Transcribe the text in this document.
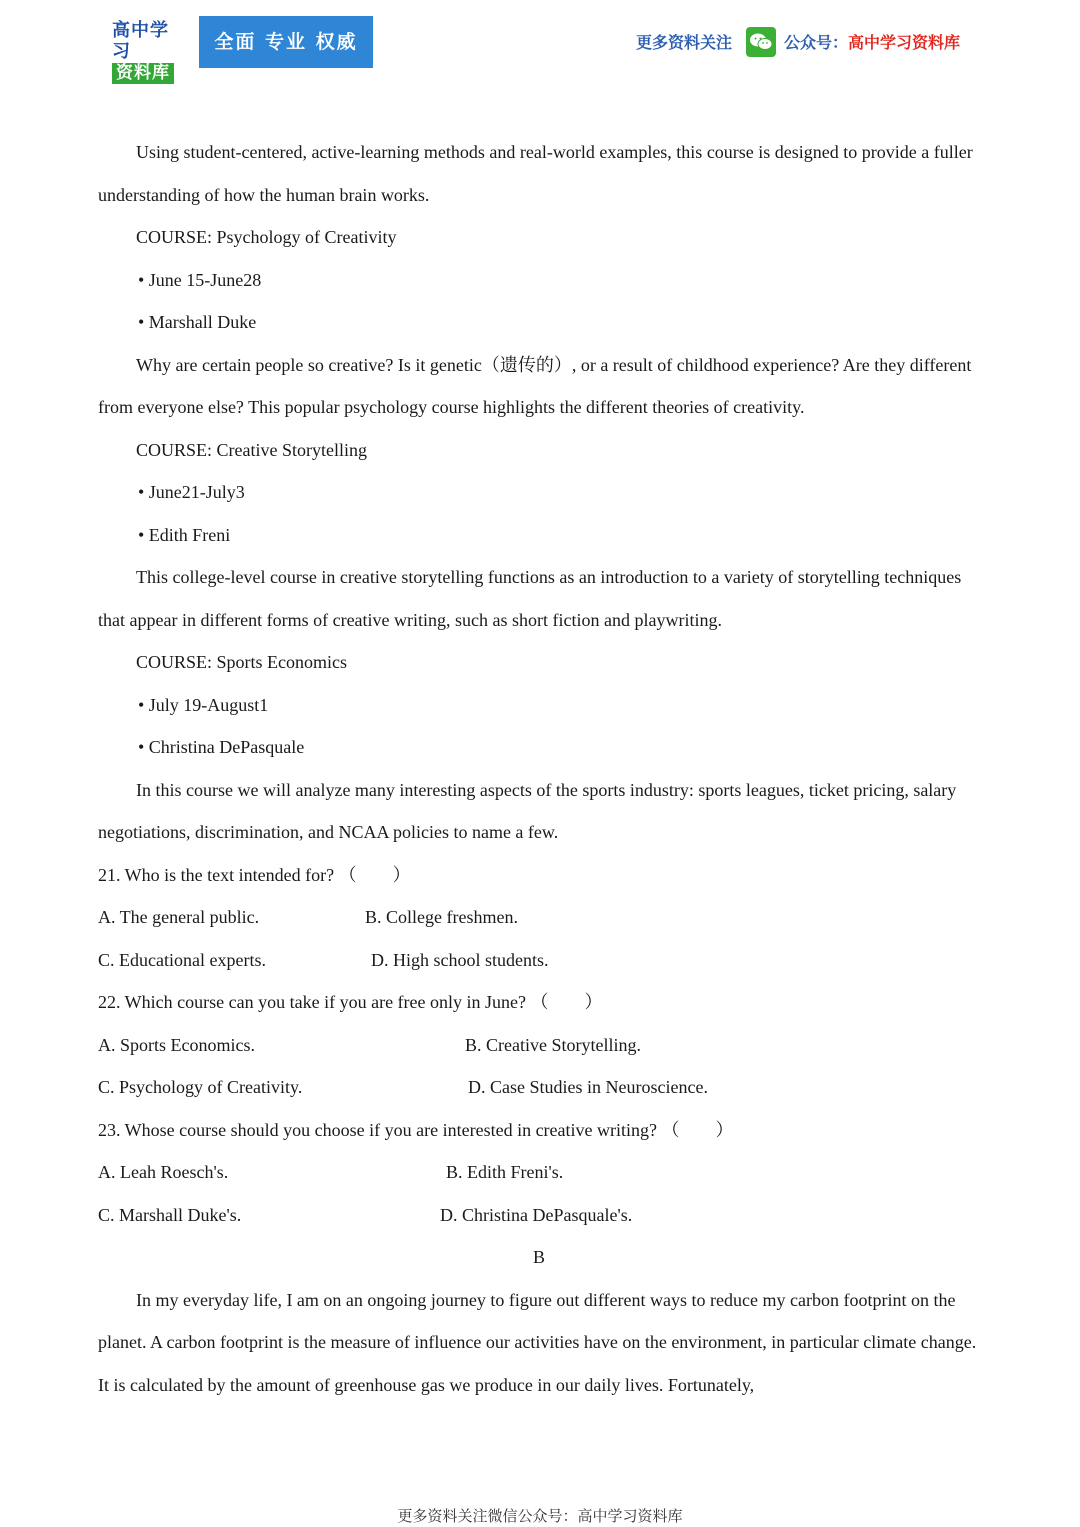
高中学习
资料库
全面 专业 权威	更多资料关注	公众号：高中学习资料库

Using student-centered, active-learning methods and real-world examples, this course is designed to provide a fuller understanding of how the human brain works.

COURSE: Psychology of Creativity

• June 15-June28

• Marshall Duke

Why are certain people so creative? Is it genetic（遗传的）, or a result of childhood experience? Are they different from everyone else? This popular psychology course highlights the different theories of creativity.

COURSE: Creative Storytelling

• June21-July3

• Edith Freni

This college-level course in creative storytelling functions as an introduction to a variety of storytelling techniques that appear in different forms of creative writing, such as short fiction and playwriting.

COURSE: Sports Economics

• July 19-August1

• Christina DePasquale

In this course we will analyze many interesting aspects of the sports industry: sports leagues, ticket pricing, salary negotiations, discrimination, and NCAA policies to name a few.

21. Who is the text intended for? （　　）

A. The general public.	B. College freshmen.
C. Educational experts.	D. High school students.

22. Which course can you take if you are free only in June? （　　）

A. Sports Economics.	B. Creative Storytelling.
C. Psychology of Creativity.	D. Case Studies in Neuroscience.

23. Whose course should you choose if you are interested in creative writing? （　　）

A. Leah Roesch's.	B. Edith Freni's.
C. Marshall Duke's.	D. Christina DePasquale's.

B

In my everyday life, I am on an ongoing journey to figure out different ways to reduce my carbon footprint on the planet. A carbon footprint is the measure of influence our activities have on the environment, in particular climate change. It is calculated by the amount of greenhouse gas we produce in our daily lives. Fortunately,

更多资料关注微信公众号：高中学习资料库
